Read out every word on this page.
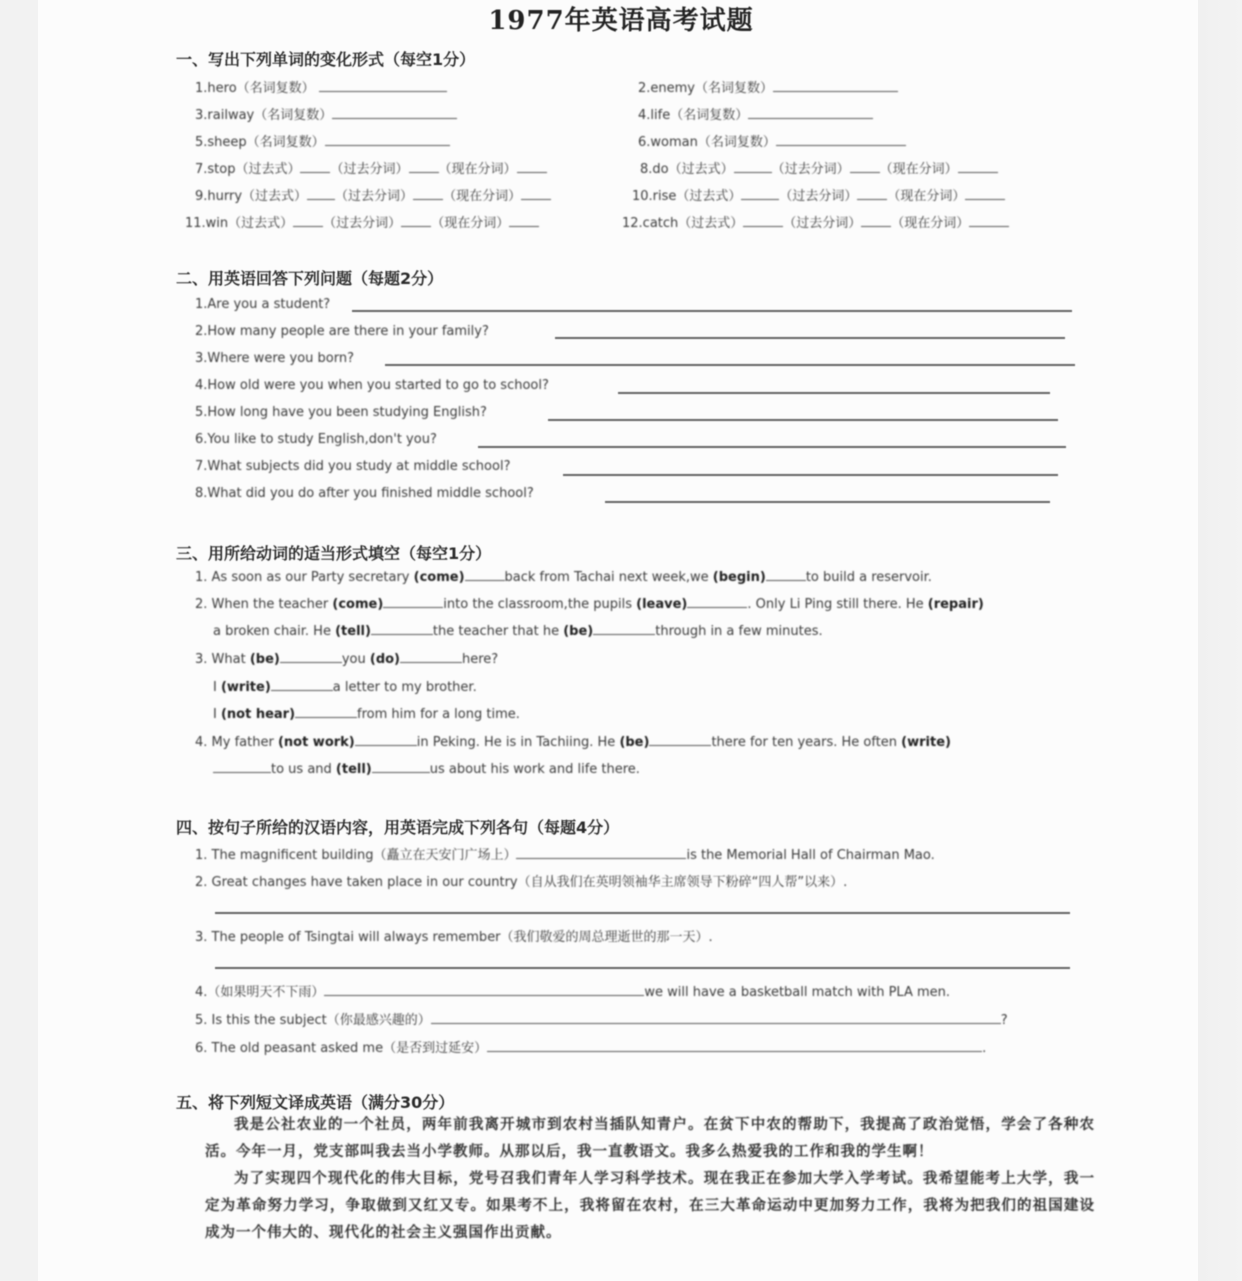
1977年英语高考试题
一、写出下列单词的变化形式（每空1分）
1.hero（名词复数）	2.enemy（名词复数）
3.railway（名词复数）	4.life（名词复数）
5.sheep（名词复数）	6.woman（名词复数）
7.stop（过去式） （过去分词） （现在分词）	8.do（过去式）	（过去分词） （现在分词）
9.hurry（过去式） （过去分词） （现在分词）	10.rise（过去式）	（过去分词） （现在分词）
11.win（过去式） （过去分词） （现在分词）	12.catch（过去式）	（过去分词） （现在分词）
二、用英语回答下列问题（每题2分）
1.Are you a student?
2.How many people are there in your family?
3.Where were you born?
4.How old were you when you started to go to school?
5.How long have you been studying English?
6.You like to study English,don't you?
7.What subjects did you study at middle school?
8.What did you do after you finished middle school?
三、用所给动词的适当形式填空（每空1分）
1. As soon as our Party secretary (come)	back from Tachai next week,we (begin)	to build a reservoir.
2. When the teacher (come)	into the classroom,the pupils (leave)	. Only Li Ping still there. He (repair)
a broken chair. He (tell)	the teacher that he (be)	through in a few minutes.
3. What (be)	you (do)	here?
I (write)	a letter to my brother.
I (not hear)	from him for a long time.
4. My father (not work)	in Peking. He is in Tachiing. He (be)	there for ten years. He often (write)
to us and (tell)	us about his work and life there.
四、按句子所给的汉语内容，用英语完成下列各句（每题4分）
1. The magnificent building（矗立在天安门广场上）	is the Memorial Hall of Chairman Mao.
2. Great changes have taken place in our country（自从我们在英明领袖华主席领导下粉碎“四人帮”以来）.
3. The people of Tsingtai will always remember（我们敬爱的周总理逝世的那一天）.
4.（如果明天不下雨）	we will have a basketball match with PLA men.
5. Is this the subject（你最感兴趣的）	?
6. The old peasant asked me（是否到过延安）	.
五、将下列短文译成英语（满分30分）

我是公社农业的一个社员，两年前我离开城市到农村当插队知青户。在贫下中农的帮助下，我提高了政治觉悟，学会了各种农活。今年一月，党支部叫我去当小学教师。从那以后，我一直教语文。我多么热爱我的工作和我的学生啊！

为了实现四个现代化的伟大目标，党号召我们青年人学习科学技术。现在我正在参加大学入学考试。我希望能考上大学，我一定为革命努力学习，争取做到又红又专。如果考不上，我将留在农村，在三大革命运动中更加努力工作，我将为把我们的祖国建设成为一个伟大的、现代化的社会主义强国作出贡献。
